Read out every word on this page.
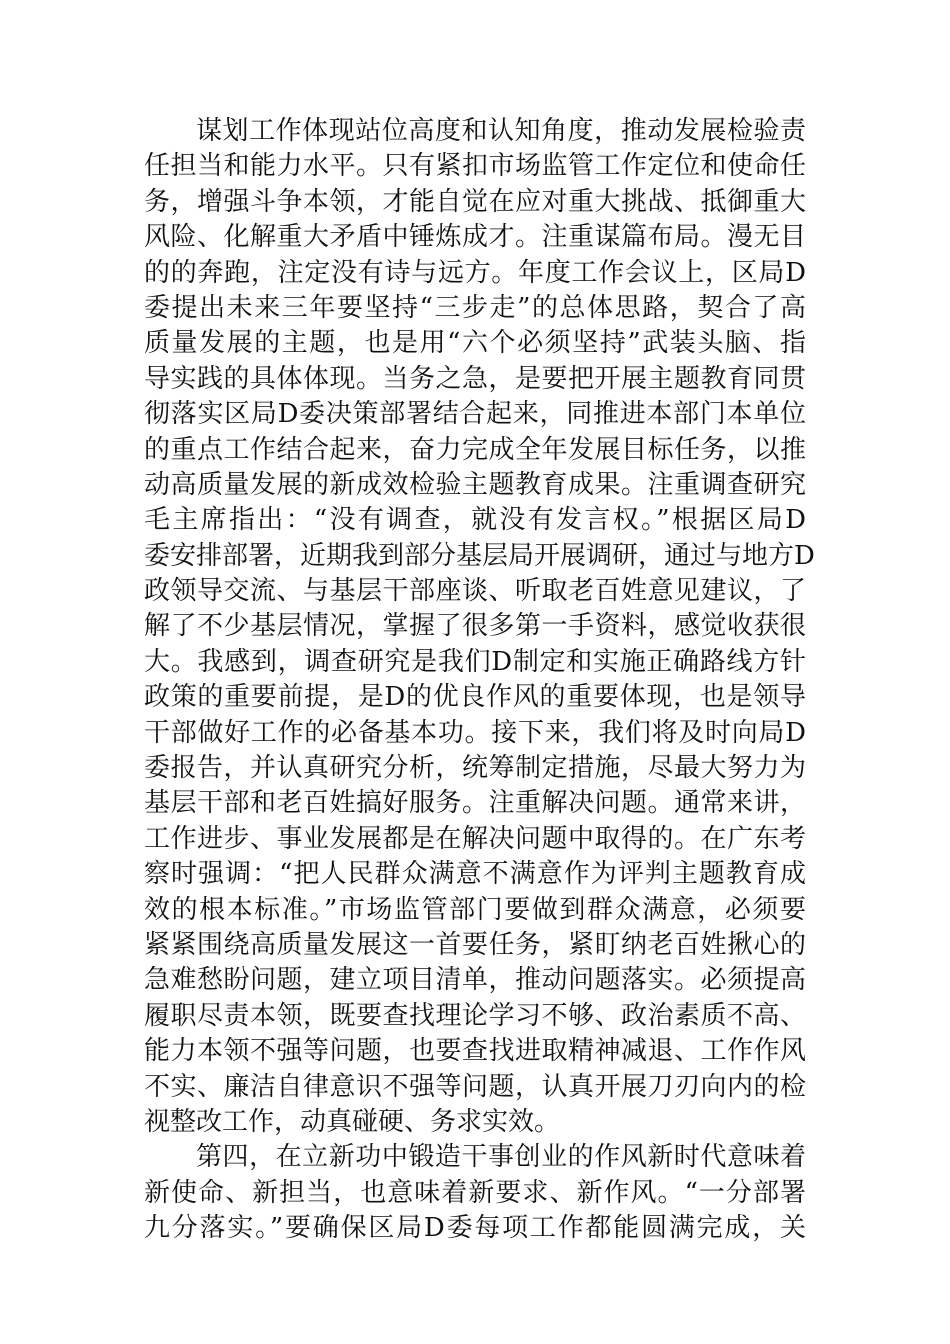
谋划工作体现站位高度和认知角度，推动发展检验责
任担当和能力水平。只有紧扣市场监管工作定位和使命任
务，增强斗争本领，才能自觉在应对重大挑战、抵御重大
风险、化解重大矛盾中锤炼成才。注重谋篇布局。漫无目
的的奔跑，注定没有诗与远方。年度工作会议上，区局D
委提出未来三年要坚持“三步走”的总体思路，契合了高
质量发展的主题，也是用“六个必须坚持”武装头脑、指
导实践的具体体现。当务之急，是要把开展主题教育同贯
彻落实区局D委决策部署结合起来，同推进本部门本单位
的重点工作结合起来，奋力完成全年发展目标任务，以推
动高质量发展的新成效检验主题教育成果。注重调查研究
毛主席指出：“没有调查，就没有发言权。”根据区局D
委安排部署，近期我到部分基层局开展调研，通过与地方D
政领导交流、与基层干部座谈、听取老百姓意见建议，了
解了不少基层情况，掌握了很多第一手资料，感觉收获很
大。我感到，调查研究是我们D制定和实施正确路线方针
政策的重要前提，是D的优良作风的重要体现，也是领导
干部做好工作的必备基本功。接下来，我们将及时向局D
委报告，并认真研究分析，统筹制定措施，尽最大努力为
基层干部和老百姓搞好服务。注重解决问题。通常来讲，
工作进步、事业发展都是在解决问题中取得的。在广东考
察时强调：“把人民群众满意不满意作为评判主题教育成
效的根本标准。”市场监管部门要做到群众满意，必须要
紧紧围绕高质量发展这一首要任务，紧盯纳老百姓揪心的
急难愁盼问题，建立项目清单，推动问题落实。必须提高
履职尽责本领，既要查找理论学习不够、政治素质不高、
能力本领不强等问题，也要查找进取精神减退、工作作风
不实、廉洁自律意识不强等问题，认真开展刀刃向内的检
视整改工作，动真碰硬、务求实效。
第四，在立新功中锻造干事创业的作风新时代意味着
新使命、新担当，也意味着新要求、新作风。“一分部署
九分落实。”要确保区局D委每项工作都能圆满完成，关
